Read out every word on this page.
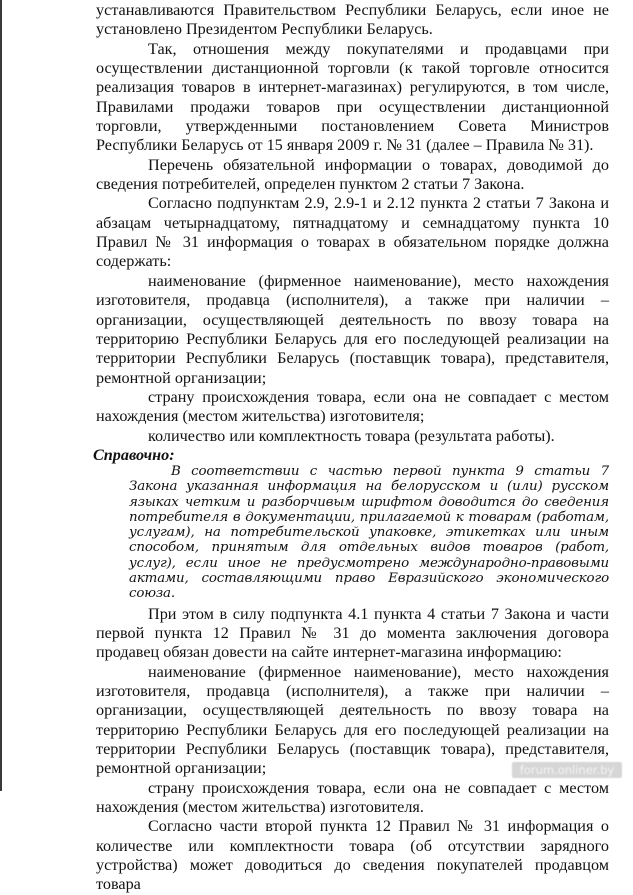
устанавливаются Правительством Республики Беларусь, если иное не установлено Президентом Республики Беларусь.

Так, отношения между покупателями и продавцами при осуществлении дистанционной торговли (к такой торговле относится реализация товаров в интернет-магазинах) регулируются, в том числе, Правилами продажи товаров при осуществлении дистанционной торговли, утвержденными постановлением Совета Министров Республики Беларусь от 15 января 2009 г. № 31 (далее – Правила № 31).

Перечень обязательной информации о товарах, доводимой до сведения потребителей, определен пунктом 2 статьи 7 Закона.

Согласно подпунктам 2.9, 2.9-1 и 2.12 пункта 2 статьи 7 Закона и абзацам четырнадцатому, пятнадцатому и семнадцатому пункта 10 Правил № 31 информация о товарах в обязательном порядке должна содержать:

наименование (фирменное наименование), место нахождения изготовителя, продавца (исполнителя), а также при наличии – организации, осуществляющей деятельность по ввозу товара на территорию Республики Беларусь для его последующей реализации на территории Республики Беларусь (поставщик товара), представителя, ремонтной организации;

страну происхождения товара, если она не совпадает с местом нахождения (местом жительства) изготовителя;

количество или комплектность товара (результата работы).

Справочно:

В соответствии с частью первой пункта 9 статьи 7 Закона указанная информация на белорусском и (или) русском языках четким и разборчивым шрифтом доводится до сведения потребителя в документации, прилагаемой к товарам (работам, услугам), на потребительской упаковке, этикетках или иным способом, принятым для отдельных видов товаров (работ, услуг), если иное не предусмотрено международно-правовыми актами, составляющими право Евразийского экономического союза.

При этом в силу подпункта 4.1 пункта 4 статьи 7 Закона и части первой пункта 12 Правил № 31 до момента заключения договора продавец обязан довести на сайте интернет-магазина информацию:

наименование (фирменное наименование), место нахождения изготовителя, продавца (исполнителя), а также при наличии – организации, осуществляющей деятельность по ввозу товара на территорию Республики Беларусь для его последующей реализации на территории Республики Беларусь (поставщик товара), представителя, ремонтной организации;

страну происхождения товара, если она не совпадает с местом нахождения (местом жительства) изготовителя.

Согласно части второй пункта 12 Правил № 31 информация о количестве или комплектности товара (об отсутствии зарядного устройства) может доводиться до сведения покупателей продавцом товара

forum.onliner.by
